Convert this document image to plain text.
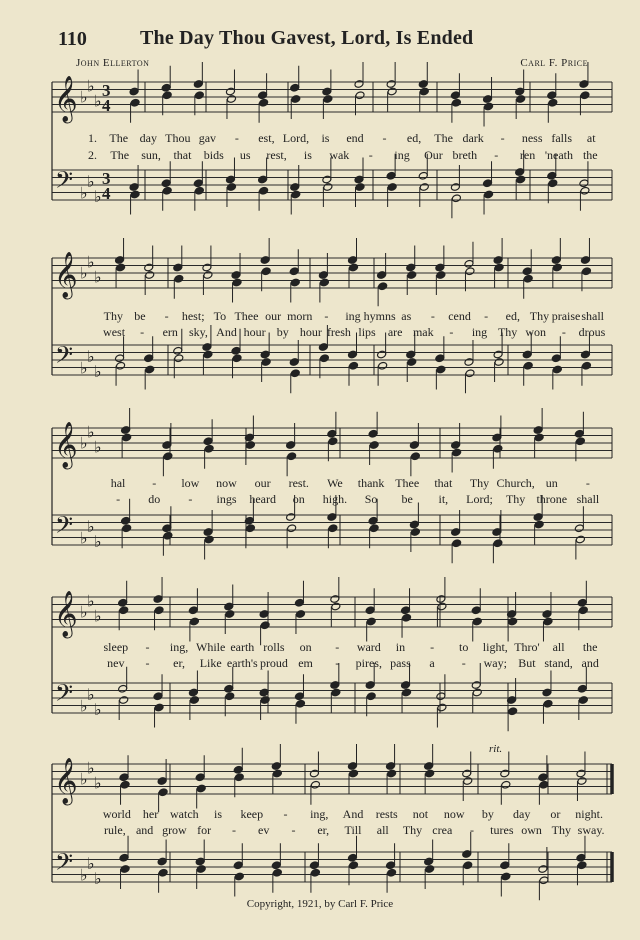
110	The Day Thou Gavest, Lord, Is Ended
John Ellerton	Carl F. Price
𝄞
𝄢
♭
♭
♭
♭
♭
♭
3
4
3
4
1.
2.
The day Thou gav - est, Lord, is end - ed, The dark - ness falls at
The sun, that bids us rest, is wak - ing Our breth - ren 'neath the
𝄞
𝄢
♭
♭
♭
♭
♭
♭
Thy be - hest; To Thee our morn - ing hymns as - cend - ed, Thy praise shall
west - ern sky, And hour by hour fresh lips are mak - ing Thy won - drous
𝄞
𝄢
♭
♭
♭
♭
♭
♭
hal - low now our rest. We thank Thee that Thy Church, un -
- do - ings heard on high. So be it, Lord; Thy throne shall
𝄞
𝄢
♭
♭
♭
♭
♭
♭
sleep - ing, While earth rolls on - ward in - to light, Thro' all the
nev - er, Like earth's proud em - pires, pass a - way; But stand, and
𝄞
𝄢
♭
♭
♭
♭
♭
♭
world her watch is keep - ing, And rests not now by day or night.
rule, and grow for - ev - er, Till all Thy crea - tures own Thy sway.
rit.
Copyright, 1921, by Carl F. Price
